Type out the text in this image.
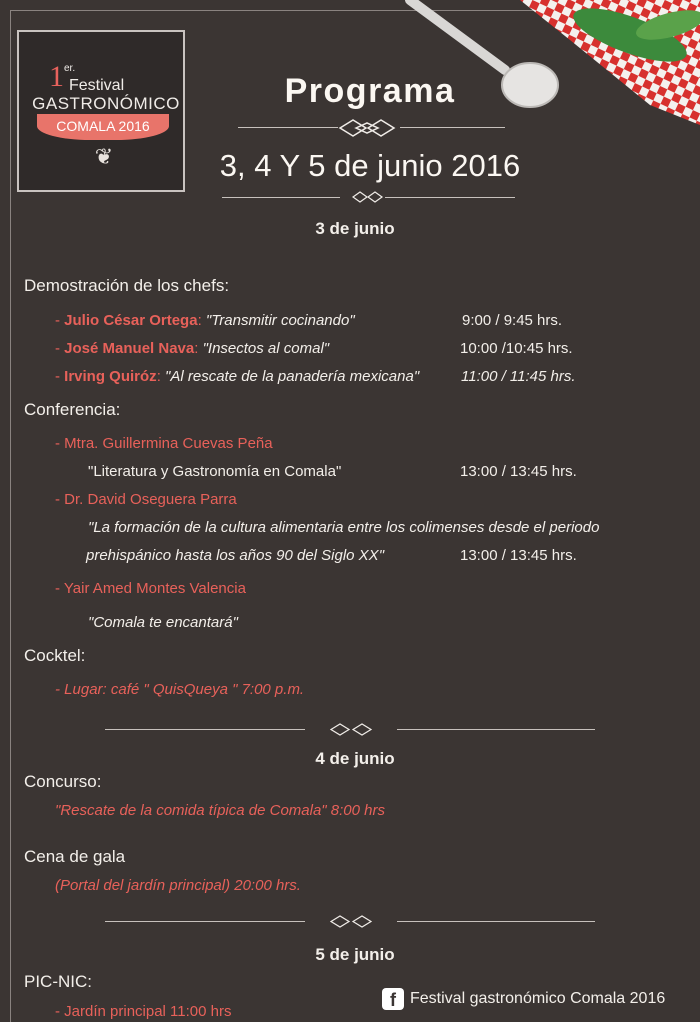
1 er.
Festival
GASTRONÓMICO
COMALA 2016
❦
Programa
3, 4 Y 5 de junio 2016
3 de junio
Demostración de los chefs:
- Julio César Ortega: "Transmitir cocinando"	9:00 / 9:45 hrs.
- José Manuel Nava: "Insectos al comal"	10:00 /10:45 hrs.
- Irving Quiróz: "Al rescate de la panadería mexicana"	11:00 / 11:45 hrs.
Conferencia:
- Mtra. Guillermina Cuevas Peña
"Literatura y Gastronomía en Comala"	13:00 / 13:45 hrs.
- Dr. David Oseguera Parra
"La formación de la cultura alimentaria entre los colimenses desde el periodo
prehispánico hasta los años 90 del Siglo XX"	13:00 / 13:45 hrs.
- Yair Amed Montes Valencia
"Comala te encantará"
Cocktel:
- Lugar: café " QuisQueya " 7:00 p.m.
4 de junio
Concurso:
"Rescate de la comida típica de Comala" 8:00 hrs
Cena de gala
(Portal del jardín principal) 20:00 hrs.
5 de junio
PIC-NIC:
- Jardín principal 11:00 hrs
f Festival gastronómico Comala 2016
